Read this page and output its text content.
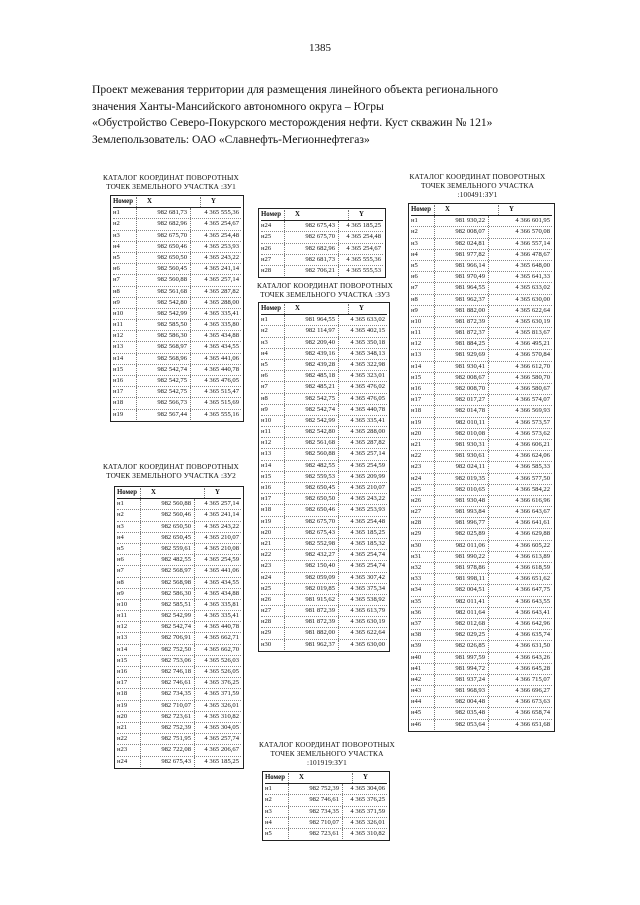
1385
Проект межевания территории для размещения линейного объекта регионального
значения Ханты-Мансийского автономного округа – Югры
«Обустройство Северо-Покурского месторождения нефти. Куст скважин № 121»
Землепользователь: ОАО «Славнефть-Мегионнефтегаз»
КАТАЛОГ КООРДИНАТ ПОВОРОТНЫХ
ТОЧЕК ЗЕМЕЛЬНОГО УЧАСТКА :ЗУ1
Номер	X	Y
н1	982 681,73	4 365 555,36
н2	982 682,96	4 365 254,67
н3	982 675,70	4 365 254,48
н4	982 650,46	4 365 253,93
н5	982 650,50	4 365 243,22
н6	982 560,45	4 365 241,14
н7	982 560,88	4 365 257,14
н8	982 561,68	4 365 287,82
н9	982 542,80	4 365 288,00
н10	982 542,99	4 365 335,41
н11	982 585,50	4 365 335,80
н12	982 586,30	4 365 434,88
н13	982 568,97	4 365 434,55
н14	982 568,96	4 365 441,06
н15	982 542,74	4 365 440,78
н16	982 542,75	4 365 476,05
н17	982 542,75	4 365 515,47
н18	982 566,73	4 365 515,69
н19	982 567,44	4 365 555,16
КАТАЛОГ КООРДИНАТ ПОВОРОТНЫХ
ТОЧЕК ЗЕМЕЛЬНОГО УЧАСТКА :ЗУ2
Номер	X	Y
н1	982 560,88	4 365 257,14
н2	982 560,46	4 365 241,14
н3	982 650,50	4 365 243,22
н4	982 650,45	4 365 210,07
н5	982 559,61	4 365 210,08
н6	982 482,55	4 365 254,59
н7	982 568,97	4 365 441,06
н8	982 568,98	4 365 434,55
н9	982 586,30	4 365 434,88
н10	982 585,51	4 365 335,81
н11	982 542,99	4 365 335,41
н12	982 542,74	4 365 440,78
н13	982 706,91	4 365 662,71
н14	982 752,50	4 365 662,70
н15	982 753,06	4 365 526,03
н16	982 746,18	4 365 526,05
н17	982 746,61	4 365 376,25
н18	982 734,35	4 365 371,59
н19	982 710,07	4 365 326,01
н20	982 723,61	4 365 310,82
н21	982 752,39	4 365 304,05
н22	982 751,95	4 365 257,74
н23	982 722,08	4 365 206,67
н24	982 675,43	4 365 185,25
Номер	X	Y
н24	982 675,43	4 365 185,25
н25	982 675,70	4 365 254,48
н26	982 682,96	4 365 254,67
н27	982 681,73	4 365 555,36
н28	982 706,21	4 365 555,53
КАТАЛОГ КООРДИНАТ ПОВОРОТНЫХ
ТОЧЕК ЗЕМЕЛЬНОГО УЧАСТКА :ЗУ3
Номер	X	Y
н1	981 964,55	4 365 633,02
н2	982 114,97	4 365 402,15
н3	982 209,40	4 365 350,18
н4	982 439,16	4 365 348,13
н5	982 439,28	4 365 322,98
н6	982 485,18	4 365 323,01
н7	982 485,21	4 365 476,02
н8	982 542,75	4 365 476,05
н9	982 542,74	4 365 440,78
н10	982 542,99	4 365 335,41
н11	982 542,80	4 365 288,00
н12	982 561,68	4 365 287,82
н13	982 560,88	4 365 257,14
н14	982 482,55	4 365 254,59
н15	982 559,53	4 365 209,99
н16	982 650,45	4 365 210,07
н17	982 650,50	4 365 243,22
н18	982 650,46	4 365 253,93
н19	982 675,70	4 365 254,48
н20	982 675,43	4 365 185,25
н21	982 552,98	4 365 185,32
н22	982 432,27	4 365 254,74
н23	982 150,40	4 365 254,74
н24	982 059,09	4 365 307,42
н25	982 019,85	4 365 375,34
н26	981 915,62	4 365 538,92
н27	981 872,39	4 365 613,79
н28	981 872,39	4 365 630,19
н29	981 882,00	4 365 622,64
н30	981 962,37	4 365 630,00
КАТАЛОГ КООРДИНАТ ПОВОРОТНЫХ
ТОЧЕК ЗЕМЕЛЬНОГО УЧАСТКА
:101919:ЗУ1
Номер	X	Y
н1	982 752,39	4 365 304,06
н2	982 746,61	4 365 376,25
н3	982 734,35	4 365 371,59
н4	982 710,07	4 365 326,01
н5	982 723,61	4 365 310,82
КАТАЛОГ КООРДИНАТ ПОВОРОТНЫХ
ТОЧЕК ЗЕМЕЛЬНОГО УЧАСТКА
:100491:ЗУ1
Номер	X	Y
н1	981 930,22	4 366 601,95
н2	982 008,07	4 366 570,08
н3	982 024,81	4 366 557,14
н4	981 977,82	4 366 478,67
н5	981 966,14	4 365 648,00
н6	981 970,49	4 365 641,33
н7	981 964,55	4 365 633,02
н8	981 962,37	4 365 630,00
н9	981 882,00	4 365 622,64
н10	981 872,39	4 365 630,19
н11	981 872,37	4 365 813,67
н12	981 884,25	4 366 495,21
н13	981 929,69	4 366 570,84
н14	981 930,41	4 366 612,70
н15	982 008,67	4 366 580,70
н16	982 008,70	4 366 580,67
н17	982 017,27	4 366 574,07
н18	982 014,78	4 366 569,93
н19	982 010,11	4 366 573,57
н20	982 010,08	4 366 573,62
н21	981 930,31	4 366 606,21
н22	981 930,61	4 366 624,06
н23	982 024,11	4 366 585,33
н24	982 019,35	4 366 577,50
н25	982 010,65	4 366 584,22
н26	981 930,48	4 366 616,96
н27	981 993,84	4 366 643,67
н28	981 996,77	4 366 641,61
н29	982 025,89	4 366 629,88
н30	982 011,06	4 366 605,22
н31	981 990,22	4 366 613,89
н32	981 978,86	4 366 618,59
н33	981 998,11	4 366 651,62
н34	982 004,51	4 366 647,75
н35	982 011,41	4 366 643,55
н36	982 011,64	4 366 643,41
н37	982 012,68	4 366 642,96
н38	982 029,25	4 366 635,74
н39	982 026,85	4 366 631,50
н40	981 997,59	4 366 643,26
н41	981 994,72	4 366 645,28
н42	981 937,24	4 366 715,07
н43	981 968,93	4 366 696,27
н44	982 004,48	4 366 673,63
н45	982 035,48	4 366 658,74
н46	982 053,64	4 366 651,68
